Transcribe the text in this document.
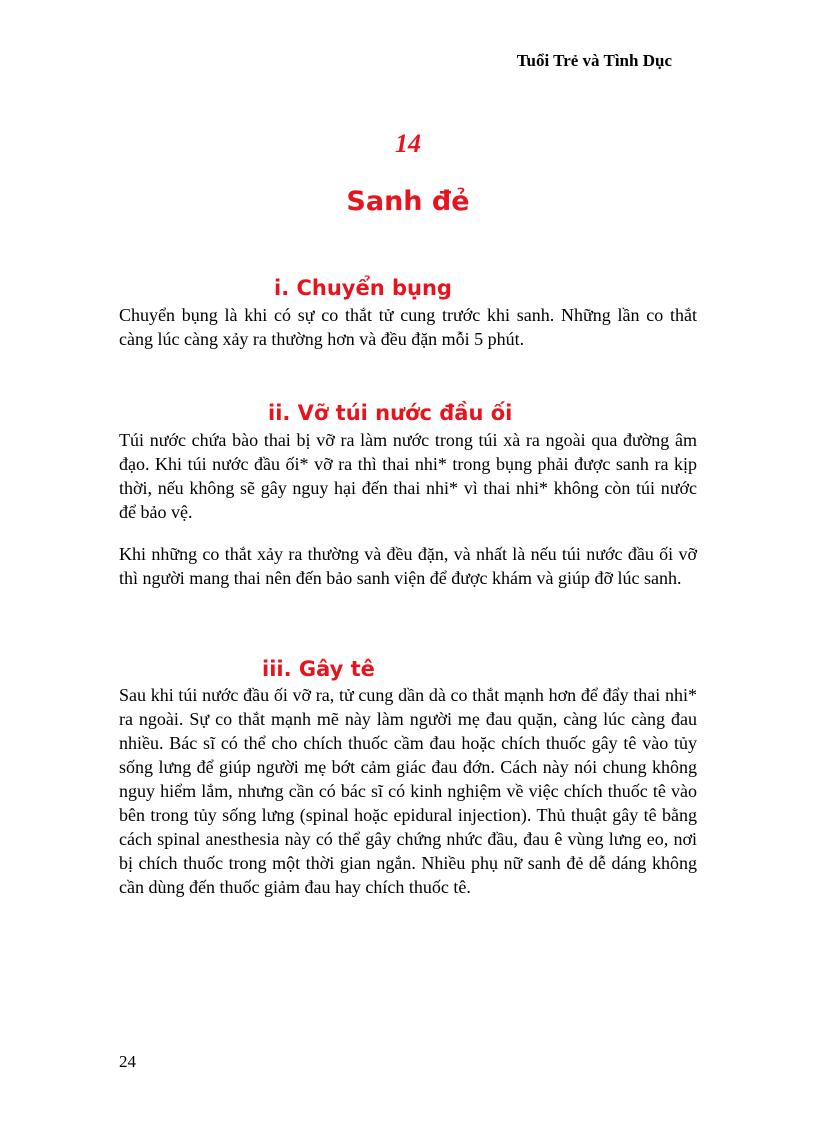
Tuổi Trẻ và Tình Dục
14
Sanh đẻ
i. Chuyển bụng

Chuyển bụng là khi có sự co thắt tử cung trước khi sanh. Những lần co thắt càng lúc càng xảy ra thường hơn và đều đặn mỗi 5 phút.

ii. Vỡ túi nước đầu ối

Túi nước chứa bào thai bị vỡ ra làm nước trong túi xà ra ngoài qua đường âm đạo. Khi túi nước đầu ối* vỡ ra thì thai nhi* trong bụng phải được sanh ra kịp thời, nếu không sẽ gây nguy hại đến thai nhi* vì thai nhi* không còn túi nước để bảo vệ.

Khi những co thắt xảy ra thường và đều đặn, và nhất là nếu túi nước đầu ối vỡ thì người mang thai nên đến bảo sanh viện để được khám và giúp đỡ lúc sanh.

iii. Gây tê

Sau khi túi nước đầu ối vỡ ra, tử cung dần dà co thắt mạnh hơn để đẩy thai nhi* ra ngoài. Sự co thắt mạnh mẽ này làm người mẹ đau quặn, càng lúc càng đau nhiều. Bác sĩ có thể cho chích thuốc cầm đau hoặc chích thuốc gây tê vào tủy sống lưng để giúp người mẹ bớt cảm giác đau đớn. Cách này nói chung không nguy hiểm lắm, nhưng cần có bác sĩ có kinh nghiệm về việc chích thuốc tê vào bên trong tủy sống lưng (spinal hoặc epidural injection). Thủ thuật gây tê bằng cách spinal anesthesia này có thể gây chứng nhức đầu, đau ê vùng lưng eo, nơi bị chích thuốc trong một thời gian ngắn. Nhiều phụ nữ sanh đẻ dễ dáng không cần dùng đến thuốc giảm đau hay chích thuốc tê.

24
